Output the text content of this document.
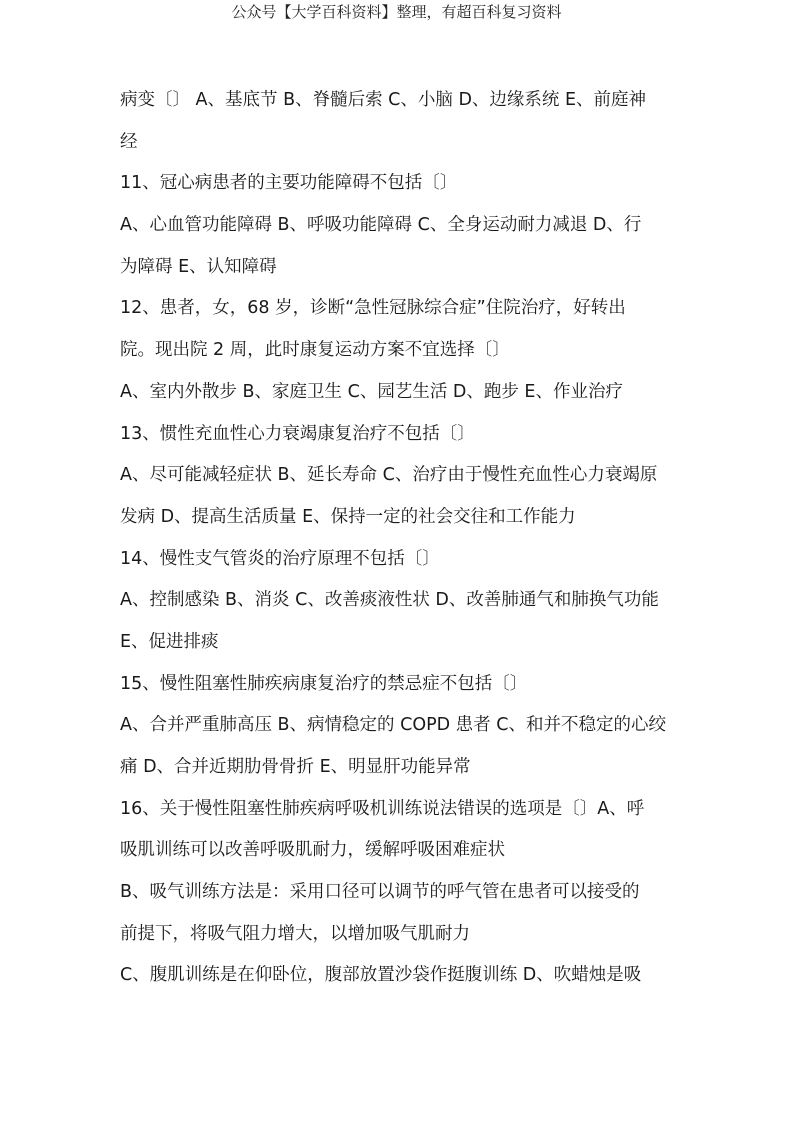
公众号【大学百科资料】整理，有超百科复习资料
病变〔〕 A、基底节 B、脊髓后索 C、小脑 D、边缘系统 E、前庭神
经
11、冠心病患者的主要功能障碍不包括〔〕
A、心血管功能障碍 B、呼吸功能障碍 C、全身运动耐力减退 D、行
为障碍 E、认知障碍
12、患者，女，68 岁，诊断“急性冠脉综合症”住院治疗，好转出
院。现出院 2 周，此时康复运动方案不宜选择〔〕
A、室内外散步 B、家庭卫生 C、园艺生活 D、跑步 E、作业治疗
13、惯性充血性心力衰竭康复治疗不包括〔〕
A、尽可能减轻症状 B、延长寿命 C、治疗由于慢性充血性心力衰竭原
发病 D、提高生活质量 E、保持一定的社会交往和工作能力
14、慢性支气管炎的治疗原理不包括〔〕
A、控制感染 B、消炎 C、改善痰液性状 D、改善肺通气和肺换气功能
E、促进排痰
15、慢性阻塞性肺疾病康复治疗的禁忌症不包括〔〕
A、合并严重肺高压 B、病情稳定的 COPD 患者 C、和并不稳定的心绞
痛 D、合并近期肋骨骨折 E、明显肝功能异常
16、关于慢性阻塞性肺疾病呼吸机训练说法错误的选项是〔〕A、呼
吸肌训练可以改善呼吸肌耐力，缓解呼吸困难症状
B、吸气训练方法是：采用口径可以调节的呼气管在患者可以接受的
前提下，将吸气阻力增大，以增加吸气肌耐力
C、腹肌训练是在仰卧位，腹部放置沙袋作挺腹训练 D、吹蜡烛是吸
